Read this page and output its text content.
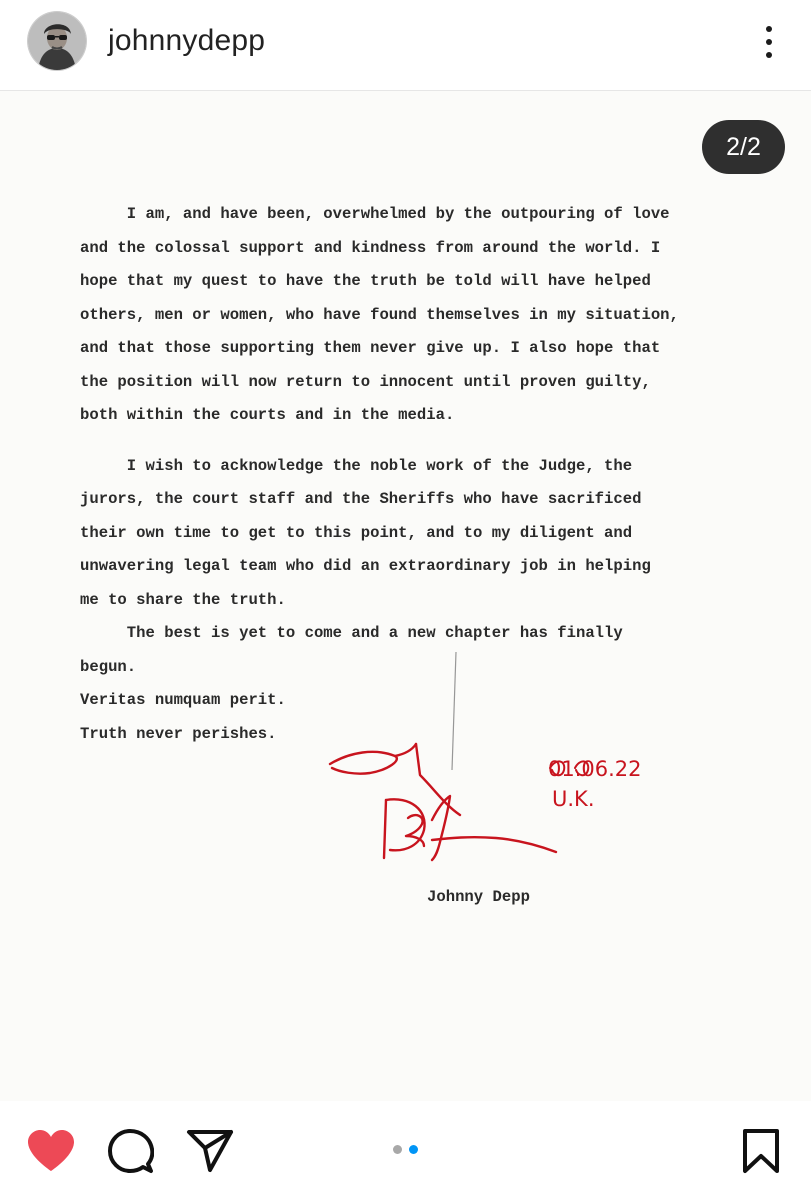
johnnydepp
2/2
I am, and have been, overwhelmed by the outpouring of love
and the colossal support and kindness from around the world. I
hope that my quest to have the truth be told will have helped
others, men or women, who have found themselves in my situation,
and that those supporting them never give up. I also hope that
the position will now return to innocent until proven guilty,
both within the courts and in the media.
I wish to acknowledge the noble work of the Judge, the
jurors, the court staff and the Sheriffs who have sacrificed
their own time to get to this point, and to my diligent and
unwavering legal team who did an extraordinary job in helping
me to share the truth.
The best is yet to come and a new chapter has finally
begun.
Veritas numquam perit.
Truth never perishes.
01.06.22
U.K.
Johnny Depp
